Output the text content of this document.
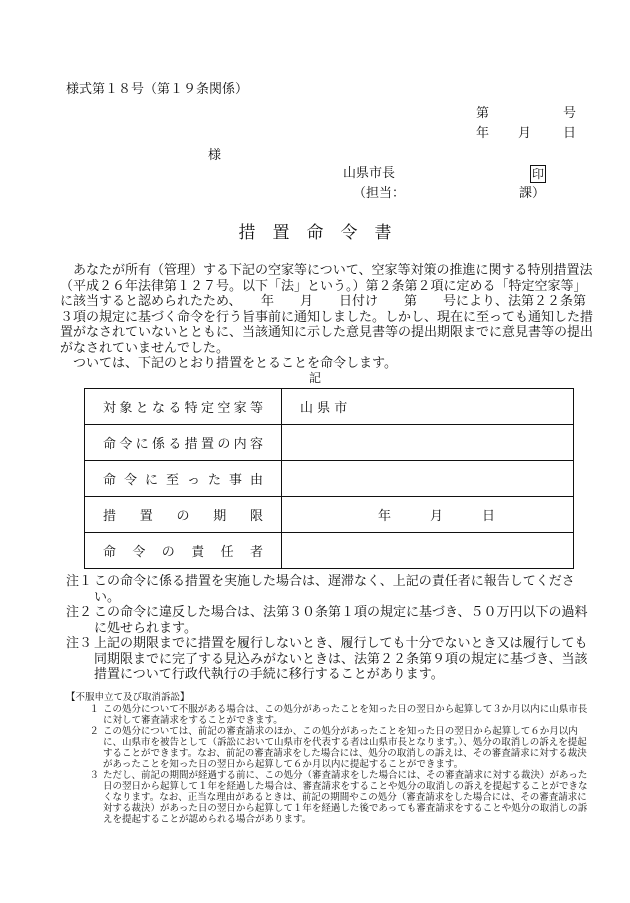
様式第１８号（第１９条関係）
第	号
年 月 日
様
山県市長	印
（担当：	課）
措置命令書

あなたが所有（管理）する下記の空家等について、空家等対策の推進に関する特別措置法（平成２６年法律第１２７号。以下「法」という。）第２条第２項に定める「特定空家等」に該当すると認められたため、　　年　　月　　日付け　　第　　号により、法第２２条第３項の規定に基づく命令を行う旨事前に通知しました。しかし、現在に至っても通知した措置がなされていないとともに、当該通知に示した意見書等の提出期限までに意見書等の提出がなされていませんでした。

ついては、下記のとおり措置をとることを命令します。

記
対象となる特定空家等	山 県 市
命令に係る措置の内容	
命令に至った事由	
措置の期限	年　　　月　　　日
命令の責任者	
注１ この命令に係る措置を実施した場合は、遅滞なく、上記の責任者に報告してください。
注２ この命令に違反した場合は、法第３０条第１項の規定に基づき、５０万円以下の過料に処せられます。
注３ 上記の期限までに措置を履行しないとき、履行しても十分でないとき又は履行しても同期限までに完了する見込みがないときは、法第２２条第９項の規定に基づき、当該措置について行政代執行の手続に移行することがあります。

【不服申立て及び取消訴訟】

１ この処分について不服がある場合は、この処分があったことを知った日の翌日から起算して３か月以内に山県市長に対して審査請求をすることができます。
２ この処分については、前記の審査請求のほか、この処分があったことを知った日の翌日から起算して６か月以内に、山県市を被告として（訴訟において山県市を代表する者は山県市長となります。）、処分の取消しの訴えを提起することができます。なお、前記の審査請求をした場合には、処分の取消しの訴えは、その審査請求に対する裁決があったことを知った日の翌日から起算して６か月以内に提起することができます。
３ ただし、前記の期間が経過する前に、この処分（審査請求をした場合には、その審査請求に対する裁決）があった日の翌日から起算して１年を経過した場合は、審査請求をすることや処分の取消しの訴えを提起することができなくなります。なお、正当な理由があるときは、前記の期間やこの処分（審査請求をした場合には、その審査請求に対する裁決）があった日の翌日から起算して１年を経過した後であっても審査請求をすることや処分の取消しの訴えを提起することが認められる場合があります。
